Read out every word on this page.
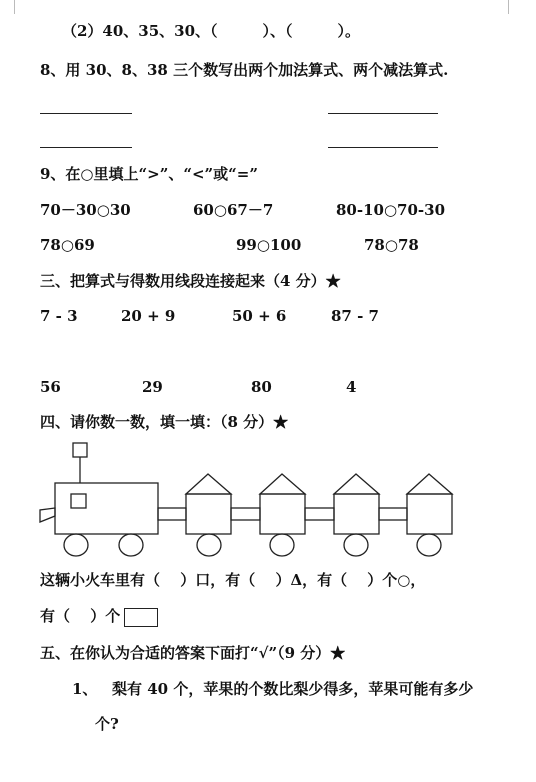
（2）40、35、30、（　　　）、（　　　）。
8、用 30、8、38 三个数写出两个加法算式、两个减法算式.
9、在○里填上“>”、“<”或“=”
70－30○30	60○67－7	80-10○70-30
78○69	99○100	78○78
三、把算式与得数用线段连接起来（4 分）★
7 - 3	20 + 9	50 + 6	87 - 7
56	29	80	4
四、请你数一数，填一填：（8 分）★
这辆小火车里有（　 ）口，有（　 ）Δ，有（　 ）个○，
有（　 ）个
五、在你认为合适的答案下面打“√”（9 分）★
1、 梨有 40 个，苹果的个数比梨少得多，苹果可能有多少
个?
